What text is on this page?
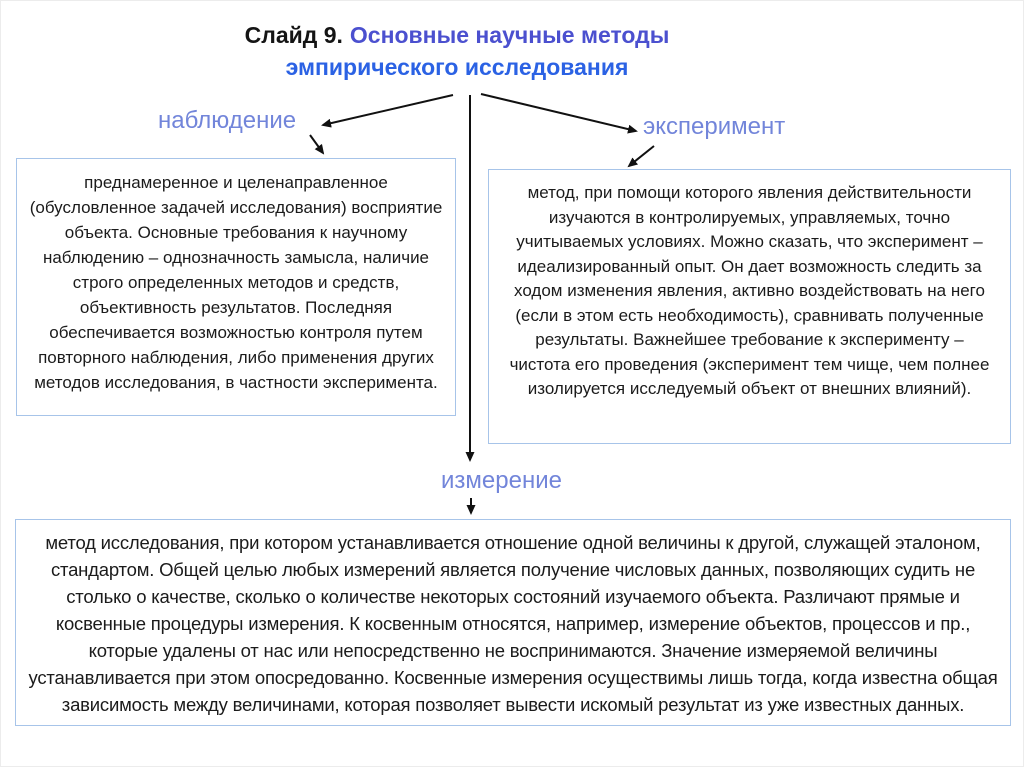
Слайд 9. Основные научные методы
эмпирического исследования
наблюдение	эксперимент
измерение

преднамеренное и целенаправленное (обусловленное задачей исследования) восприятие объекта. Основные требования к научному наблюдению – однозначность замысла, наличие строго определенных методов и средств, объективность результатов. Последняя обеспечивается возможностью контроля путем повторного наблюдения, либо применения других методов исследования, в частности эксперимента.

метод, при помощи которого явления действительности изучаются в контролируемых, управляемых, точно учитываемых условиях. Можно сказать, что эксперимент – идеализированный опыт. Он дает возможность следить за ходом изменения явления, активно воздействовать на него (если в этом есть необходимость), сравнивать полученные результаты. Важнейшее требование к эксперименту – чистота его проведения (эксперимент тем чище, чем полнее изолируется исследуемый объект от внешних влияний).

метод исследования, при котором устанавливается отношение одной величины к другой, служащей эталоном, стандартом. Общей целью любых измерений является получение числовых данных, позволяющих судить не столько о качестве, сколько о количестве некоторых состояний изучаемого объекта. Различают прямые и косвенные процедуры измерения. К косвенным относятся, например, измерение объектов, процессов и пр., которые удалены от нас или непосредственно не воспринимаются. Значение измеряемой величины устанавливается при этом опосредованно. Косвенные измерения осуществимы лишь тогда, когда известна общая зависимость между величинами, которая позволяет вывести искомый результат из уже известных данных.
